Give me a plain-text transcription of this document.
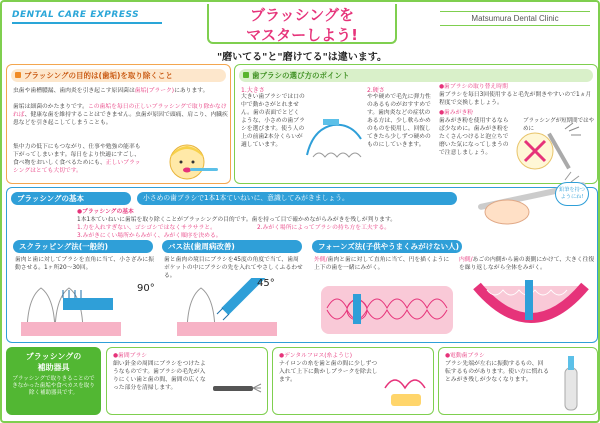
DENTAL CARE EXPRESS	ブラッシングを
マスターしよう!
Matsumura Dental Clinic
"磨いてる"と"磨けてる"は違います。
ブラッシングの目的は(歯垢)を取り除くこと
虫歯や歯槽膿漏、歯肉炎を引き起こす原因菌は歯垢(プラーク)にあります。
歯垢は細菌のかたまりです。この歯垢を毎日の正しいブラッシングで取り除かなければ、健康な歯を維持することはできません。虫歯が原因で頭痛、肩こり、内臓疾患などを引き起こしてしまうことも。
集中力の低下にもつながり、仕事や勉強の能率も下がってしまいます。毎日をより快適にすごし、食べ物をおいしく食べるためにも、正しいブラッシングはとても大切です。
歯ブラシの選び方のポイント
1.大きさ
大きい歯ブラシでは口の中で動かさがとれません。歯の表面でとどくような、小さめの歯ブラシを選びます。使う人の上の前歯2本分くらいが適しています。
2.硬さ
やや硬めで毛先に弾力性のあるものがおすすめです。歯肉炎などの症状のある方は、少し軟らかめのものを使用し、回復してきたら少しずつ硬めのものにしていきます。
●歯ブラシの取り替え時期
歯ブラシを毎日3回使用すると毛先が開きやすいので1ヵ月程度で交換しましょう。
●歯みがき粉
歯みがき粉を使用するならば少なめに。歯みがき粉をたくさんつけると泡立ちで磨いた気になってしまうので注意しましょう。
ブラッシングが短期間ではやめに
ブラッシングの基本	小さめの歯ブラシで1本1本ていねいに、意識してみがきましょう。
●ブラッシングの基本
1本1本ていねいに歯垢を取り除くことがブラッシングの目的です。歯を持って目で確かめながらみがきを残しが判ります。
1.力を入れすぎない、ゴシゴシではなくサラサラと。	2.みがく場所によってブラシの持ち方を工夫する。
3.みがきにくい場所からみがく、みがく順序を決める。
鉛筆を持つようにね!
スクラッピング法(一般的)
歯肉と歯に対してブラシを直角に当て、小さざみに振動させる。1ヶ所20〜30回。
90°
バス法(歯周病改善)
歯と歯肉の境目にブラシを45度の角度で当て、歯周ポケットの中にブラシの先を入れてやさしくふるわせる。
45°
フォーンズ法(子供やうまくみがけない人)
外側/歯肉と歯に対して直角に当て、円を描くように上下の歯を一緒にみがく。
内側/あごの内側から歯の裏側にかけて、大きく往復を繰り返しながら全体をみがく。
ブラッシングの
補助器具
ブラッシングで取りきることのできなかった歯垢や食べカスを取り除く補助器具です。
●歯間ブラシ
細い針金の周囲にブラシをつけたようなものです。歯ブラシの毛先が入りにくい歯と歯の間、歯間の広くなった部分を清掃します。
●デンタルフロス(糸ようじ)
ナイロンの糸を歯と歯の間に少しずつ入れて上下に動かしプラークを除去します。
●電動歯ブラシ
ブラシ先端が左右に振動するもの、回転するものがあります。使い方に慣れるとみがき残しが少なくなります。
